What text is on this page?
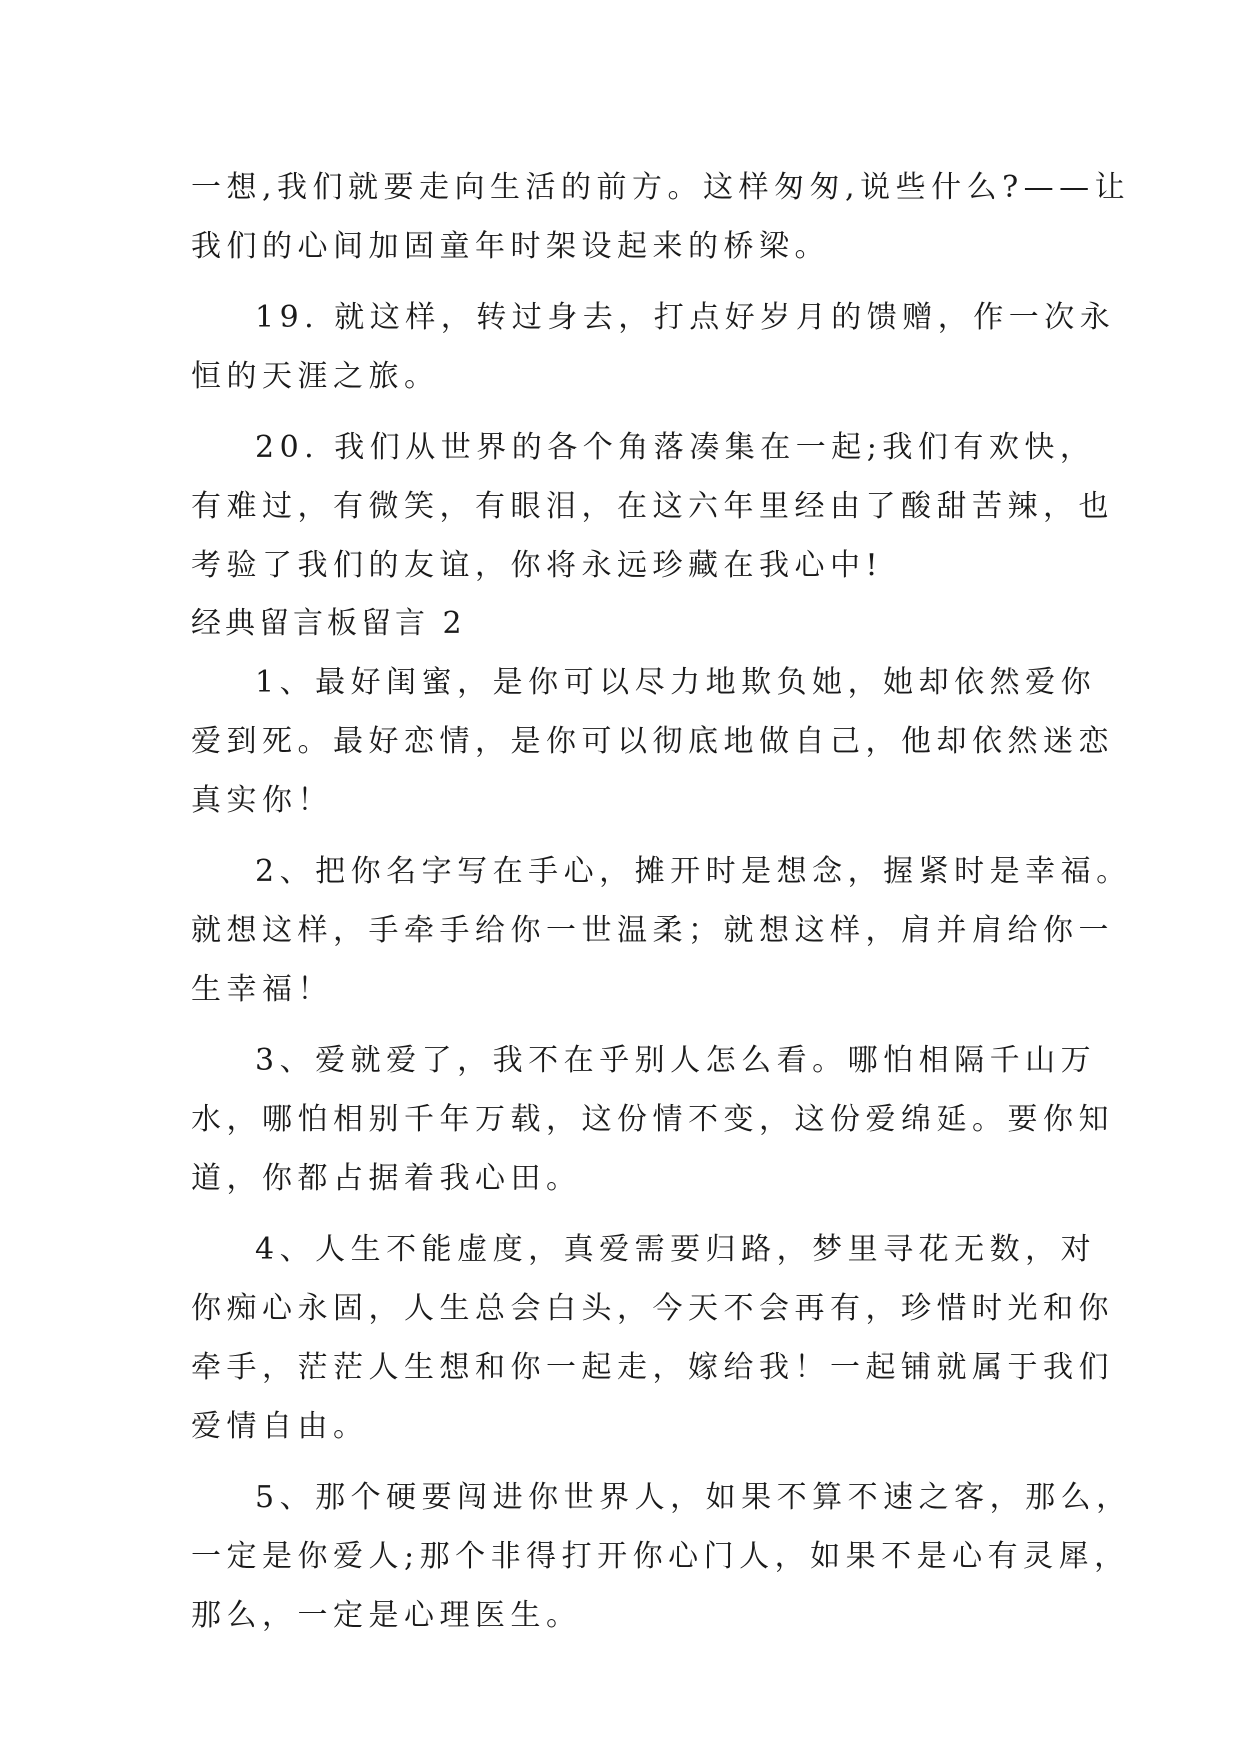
一想,我们就要走向生活的前方。这样匆匆,说些什么?——让
我们的心间加固童年时架设起来的桥梁。
19. 就这样，转过身去，打点好岁月的馈赠，作一次永
恒的天涯之旅。
20. 我们从世界的各个角落凑集在一起;我们有欢快，
有难过，有微笑，有眼泪，在这六年里经由了酸甜苦辣，也
考验了我们的友谊，你将永远珍藏在我心中!
经典留言板留言 2
1、最好闺蜜，是你可以尽力地欺负她，她却依然爱你
爱到死。最好恋情，是你可以彻底地做自己，他却依然迷恋
真实你！
2、把你名字写在手心，摊开时是想念，握紧时是幸福。
就想这样，手牵手给你一世温柔；就想这样，肩并肩给你一
生幸福！
3、爱就爱了，我不在乎别人怎么看。哪怕相隔千山万
水，哪怕相别千年万载，这份情不变，这份爱绵延。要你知
道，你都占据着我心田。
4、人生不能虚度，真爱需要归路，梦里寻花无数，对
你痴心永固，人生总会白头，今天不会再有，珍惜时光和你
牵手，茫茫人生想和你一起走，嫁给我！一起铺就属于我们
爱情自由。
5、那个硬要闯进你世界人，如果不算不速之客，那么，
一定是你爱人;那个非得打开你心门人，如果不是心有灵犀，
那么，一定是心理医生。
